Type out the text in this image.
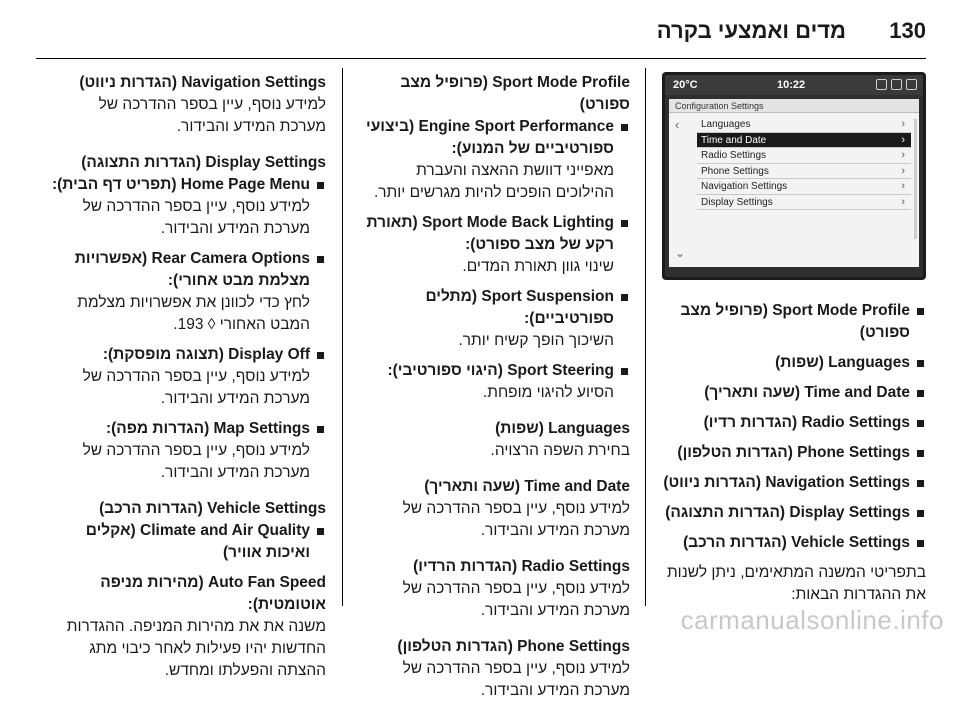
130
מדים ואמצעי בקרה
20°C	10:22
Configuration Settings
‹
⌄
Languages	›
Time and Date	›
Radio Settings	›
Phone Settings	›
Navigation Settings	›
Display Settings	›
Sport Mode Profile (פרופיל מצב ספורט)
Languages (שפות)
Time and Date (שעה ותאריך)
Radio Settings (הגדרות רדיו)
Phone Settings (הגדרות הטלפון)
Navigation Settings (הגדרות ניווט)
Display Settings (הגדרות התצוגה)
Vehicle Settings (הגדרות הרכב)
בתפריטי המשנה המתאימים, ניתן לשנות את ההגדרות הבאות:
Sport Mode Profile (פרופיל מצב ספורט)
Engine Sport Performance (ביצועי ספורטיביים של המנוע):
מאפייני דוושת ההאצה והעברת ההילוכים הופכים להיות מגרשים יותר.
Sport Mode Back Lighting (תאורת רקע של מצב ספורט):
שינוי גוון תאורת המדים.
Sport Suspension (מתלים ספורטיביים):
השיכוך הופך קשיח יותר.
Sport Steering (היגוי ספורטיבי):
הסיוע להיגוי מופחת.
Languages (שפות)
בחירת השפה הרצויה.
Time and Date (שעה ותאריך)
למידע נוסף, עיין בספר ההדרכה של מערכת המידע והבידור.
Radio Settings (הגדרות הרדיו)
למידע נוסף, עיין בספר ההדרכה של מערכת המידע והבידור.
Phone Settings (הגדרות הטלפון)
למידע נוסף, עיין בספר ההדרכה של מערכת המידע והבידור.
Navigation Settings (הגדרות ניווט)
למידע נוסף, עיין בספר ההדרכה של מערכת המידע והבידור.
Display Settings (הגדרות התצוגה)
Home Page Menu (תפריט דף הבית):
למידע נוסף, עיין בספר ההדרכה של מערכת המידע והבידור.
Rear Camera Options (אפשרויות מצלמת מבט אחורי):
לחץ כדי לכוונן את אפשרויות מצלמת המבט האחורי ◊ 193.
Display Off (תצוגה מופסקת):
למידע נוסף, עיין בספר ההדרכה של מערכת המידע והבידור.
Map Settings (הגדרות מפה):
למידע נוסף, עיין בספר ההדרכה של מערכת המידע והבידור.
Vehicle Settings (הגדרות הרכב)
Climate and Air Quality (אקלים ואיכות אוויר)
Auto Fan Speed (מהירות מניפה אוטומטית):
משנה את את מהירות המניפה. ההגדרות החדשות יהיו פעילות לאחר כיבוי מתג ההצתה והפעלתו ומחדש.
carmanualsonline.info
